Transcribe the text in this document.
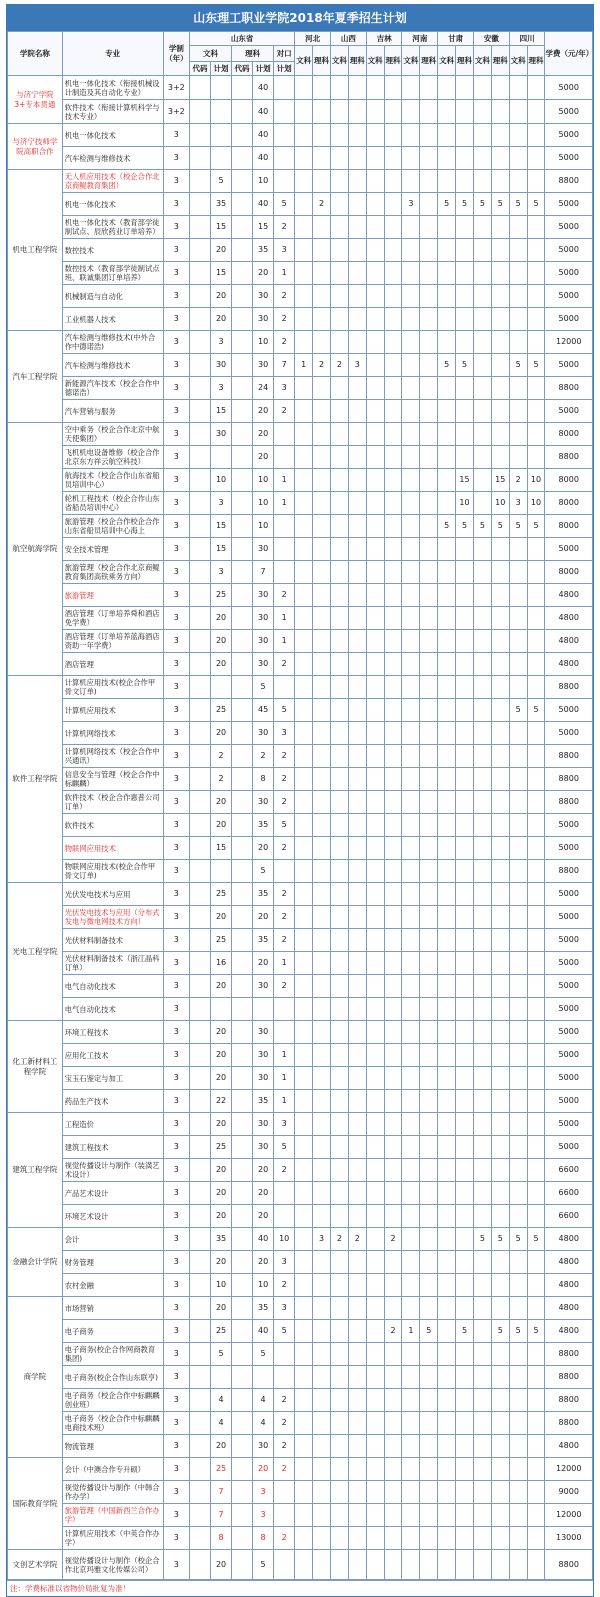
山东理工职业学院2018年夏季招生计划
学院名称	专业	学制（年）	山东省					河北		山西		吉林		河南		甘肃		安徽		四川		学费（元/年）
			文科		理科		对口	文科	理科	文科	理科	文科	理科	文科	理科	文科	理科	文科	理科	文科	理科	
			代码	计划	代码	计划	计划															
与济宁学院3+专本贯通	机电一体化技术（衔接机械设计制造及其自动化专业）	3+2				40																5000
	软件技术（衔接计算机科学与技术专业）	3+2				40																5000
与济宁技师学院高职合作	机电一体化技术	3				40																5000
	汽车检测与维修技术	3				40																5000
机电工程学院	无人机应用技术（校企合作北京商鲲教育集团）	3		5		10																8800
	机电一体化技术	3		35		40	5		2					3		5	5	5	5	5	5	5000
	机电一体化技术（教育部学徒制试点、辰欣药业订单培养）	3		15		15	2															5000
	数控技术	3		20		35	3															5000
	数控技术（教育部学徒制试点班、联诚集团订单培养）	3		15		20	1															5000
	机械制造与自动化	3		20		30	2															5000
	工业机器人技术	3		20		30	2															5000
汽车工程学院	汽车检测与维修技术(中外合作中德诺浩)	3		3		10	2															12000
	汽车检测与维修技术	3		30		30	7	1	2	2	3					5	5			5	5	5000
	新能源汽车技术（校企合作中德诺浩）	3		3		24	3															8800
	汽车营销与服务	3		15		20	2															5000
航空航海学院	空中乘务（校企合作北京中航天使集团）	3		30		20																8000
	飞机机电设备维修（校企合作北京东方祥云航空科技）	3				20																8800
	航海技术（校企合作山东省船员培训中心）	3		10		10	1										15		15	2	10	8000
	轮机工程技术（校企合作山东省船员培训中心）	3		3		10	1										10		10	3	10	8000
	旅游管理（校企合作校企合作山东省船员培训中心海上	3		15		10										5	5	5	5	5	5	8000
	安全技术管理	3		15		30																5000
	旅游管理（校企合作北京商鲲教育集团高铁乘务方向）	3		3		7																8000
	旅游管理	3		25		30	2															4800
	酒店管理（订单培养舜和酒店免学费）	3		20		30	1															4800
	酒店管理（订单培养蓝海酒店资助一年学费）	3		20		30	1															4800
	酒店管理	3		20		30	2															4800
软件工程学院	计算机应用技术(校企合作甲骨文订单)	3				5																8800
	计算机应用技术	3		25		45	5													5	5	5000
	计算机网络技术	3		20		30	3															5000
	计算机网络技术（校企合作中兴通讯）	3		2		2	2															8800
	信息安全与管理（校企合作中标麒麟）	3		2		8	2															8800
	软件技术（校企合作惠普公司订单）	3		20		30	2															8800
	软件技术	3		20		35	5															5000
	物联网应用技术	3		15		20	2															5000
	物联网应用技术(校企合作甲骨文订单)	3				5																8800
光电工程学院	光伏发电技术与应用	3		25		35	2															5000
	光伏发电技术与应用（分布式发电与微电网技术方向）	3		20		20	2															5000
	光伏材料制备技术	3		25		35	2															5000
	光伏材料制备技术（浙江晶科订单）	3		16		20	1															5000
	电气自动化技术	3		20		30	2															5000
	电气自动化技术	3																				5000
化工新材料工程学院	环境工程技术	3		20		30																5000
	应用化工技术	3		20		30	1															5000
	宝玉石鉴定与加工	3		20		30	1															5000
	药品生产技术	3		22		35	1															5000
建筑工程学院	工程造价	3		20		30	3															5000
	建筑工程技术	3		25		30	5															5000
	视觉传播设计与制作（装潢艺术设计）	3		20		20	2															6600
	产品艺术设计	3		20		20																6600
	环境艺术设计	3		20		20																6600
金融会计学院	会计	3		35		40	10		3	2	2		2					5	5	5	5	4800
	财务管理	3		20		20	3															4800
	农村金融	3		10		10	2															4800
商学院	市场营销	3		20		35	3															4800
	电子商务	3		25		40	5						2	1	5		5		5	5	5	4800
	电子商务(校企合作网商教育集团)	3		5		5																8800
	电子商务(校企合作山东联亨)	3																				8800
	电子商务（校企合作中标麒麟创业班）	3		4		4	2															8800
	电子商务（校企合作中标麒麟电商技术班）	3		4		4	2															8800
	物流管理	3		20		30	2															4800
国际教育学院	会计（中澳合作专升硕）	3		25		20	2															12000
	视觉传播设计与制作（中韩合作办学）	3		7		3																9000
	旅游管理（中国新西兰合作办学）	3		7		3																12000
	计算机应用技术（中英合作办学）	3		8		8	2															13000
文创艺术学院	视觉传播设计与制作（校企合作北京玛雅文化传媒公司）	3		20		5																8800
注：学费标准以省物价局批复为准！
